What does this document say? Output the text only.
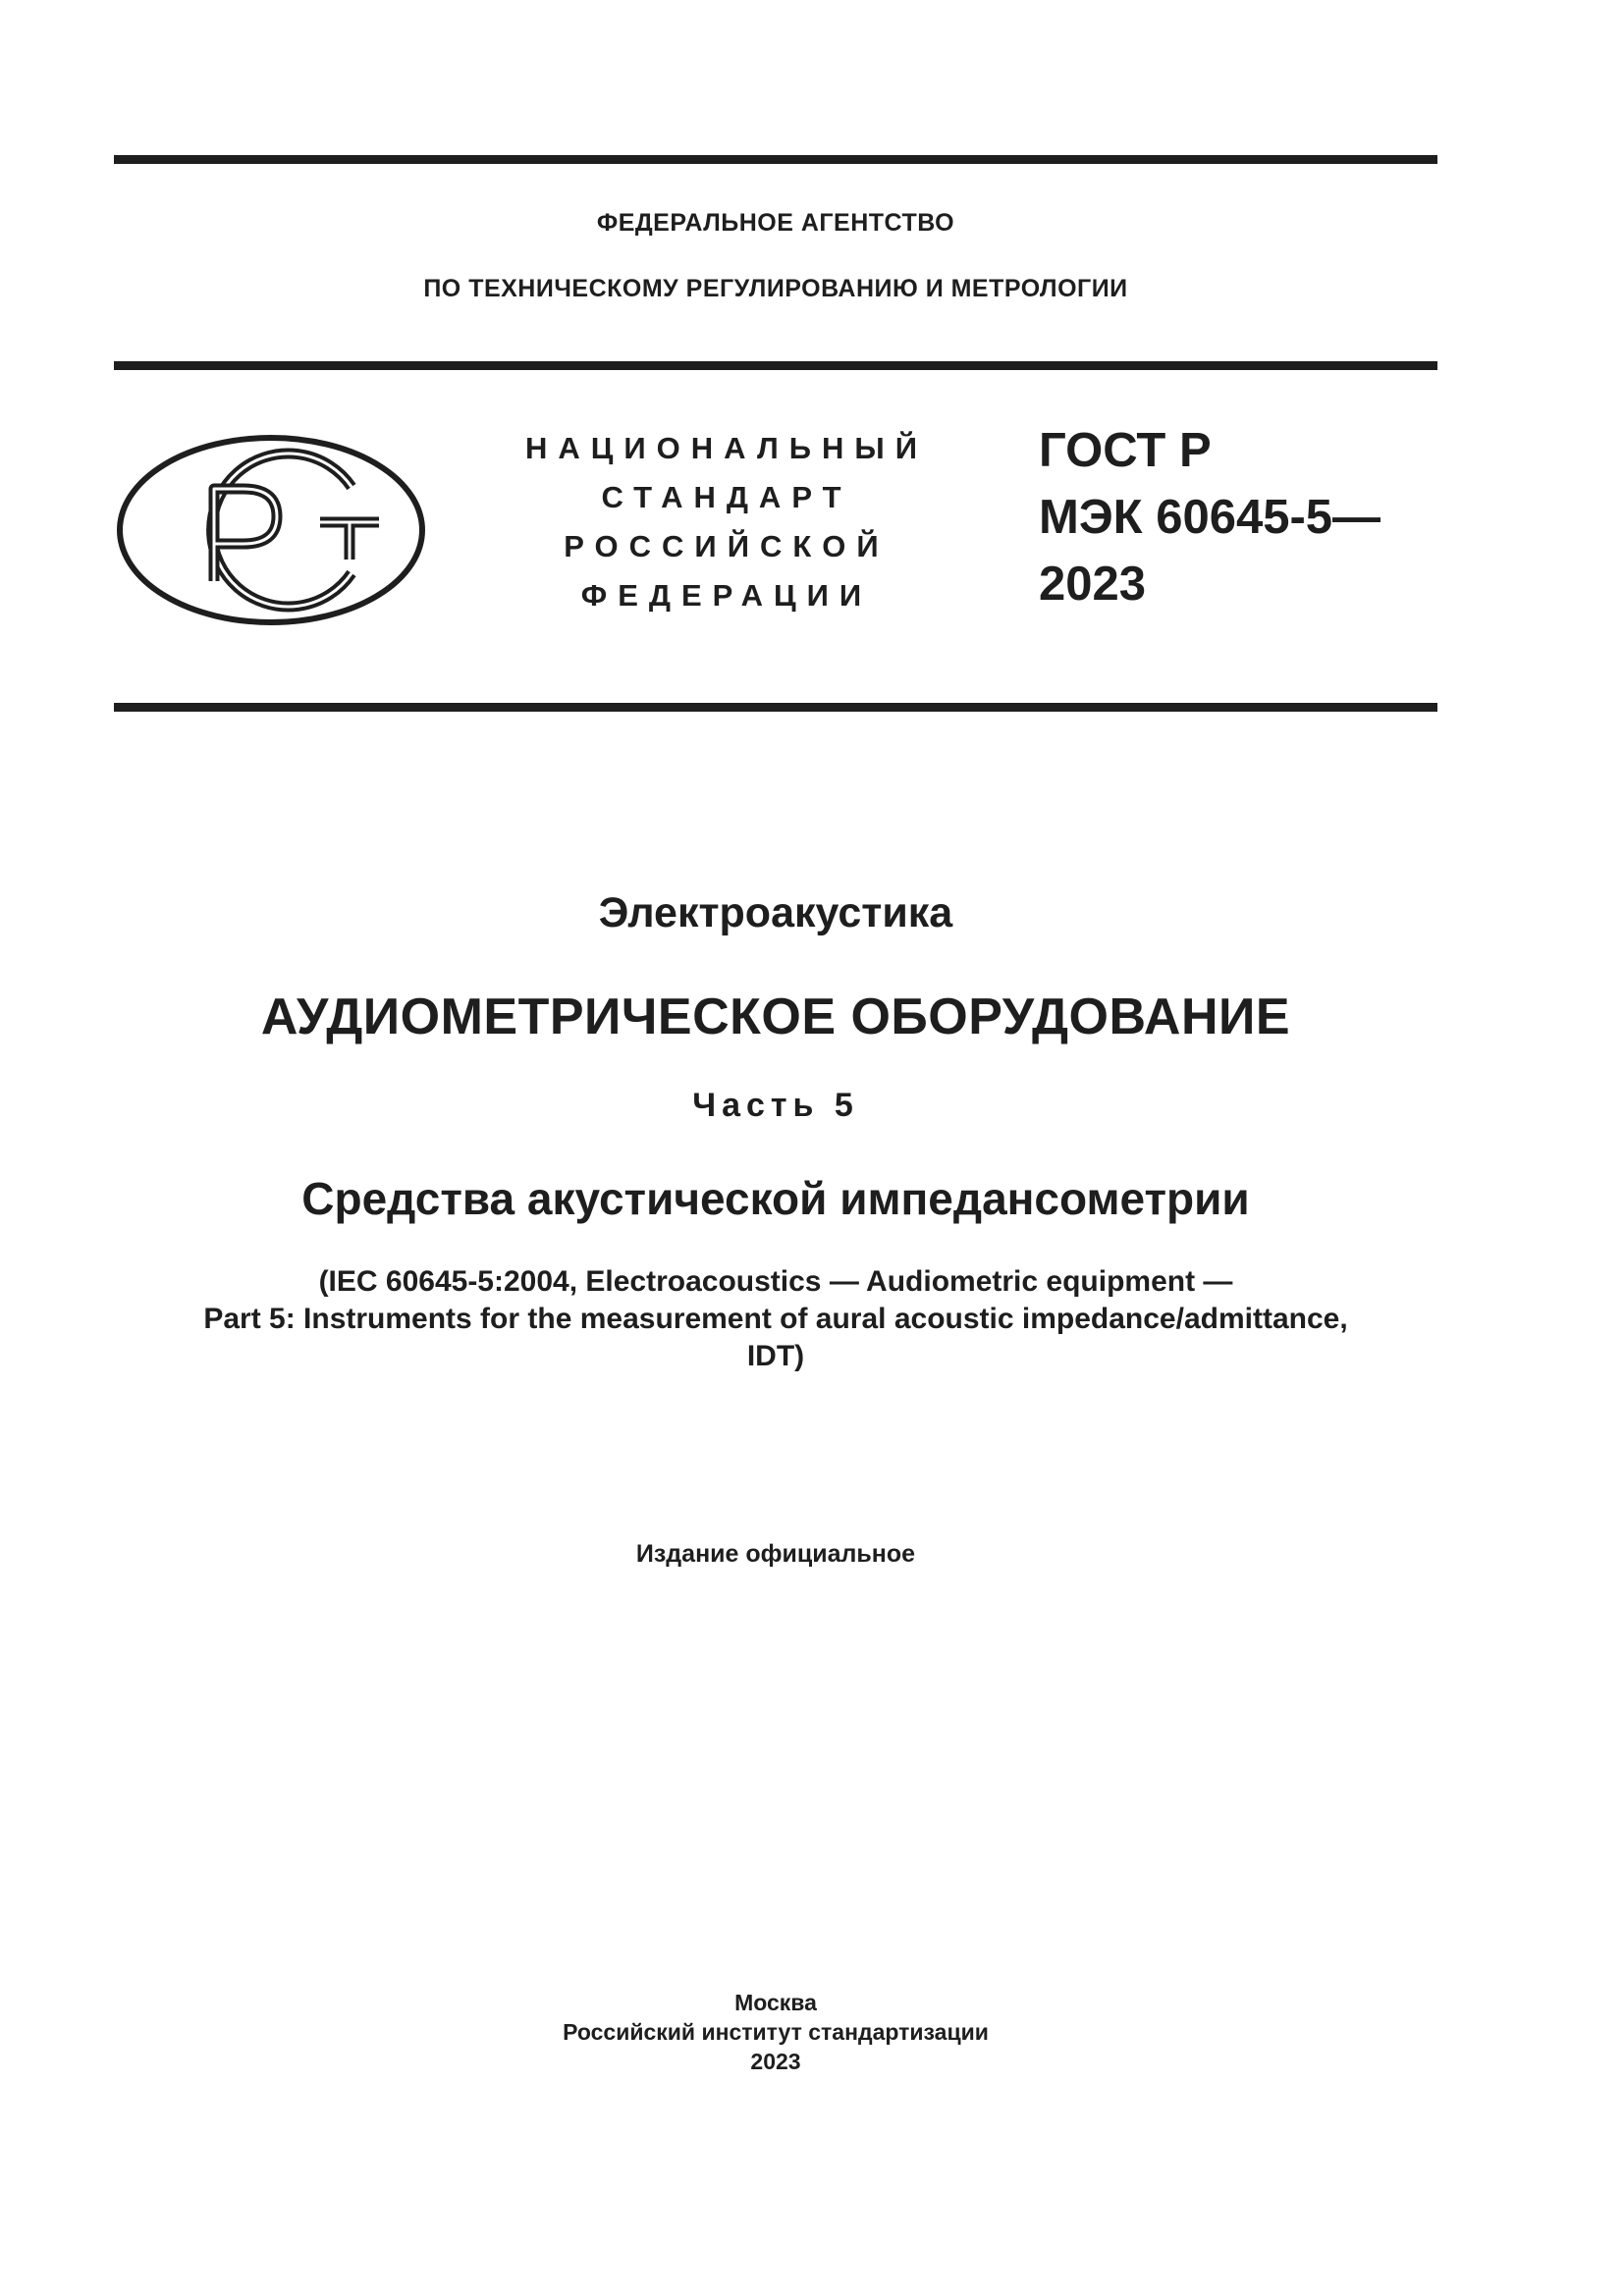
ФЕДЕРАЛЬНОЕ АГЕНТСТВО

ПО ТЕХНИЧЕСКОМУ РЕГУЛИРОВАНИЮ И МЕТРОЛОГИИ

НАЦИОНАЛЬНЫЙ
СТАНДАРТ
РОССИЙСКОЙ
ФЕДЕРАЦИИ
ГОСТ Р
МЭК 60645-5—
2023

Электроакустика

АУДИОМЕТРИЧЕСКОЕ ОБОРУДОВАНИЕ

Часть 5

Средства акустической импедансометрии

(IEC 60645-5:2004, Electroacoustics — Audiometric equipment —
Part 5: Instruments for the measurement of aural acoustic impedance/admittance,
IDT)

Издание официальное

Москва

Российский институт стандартизации

2023
